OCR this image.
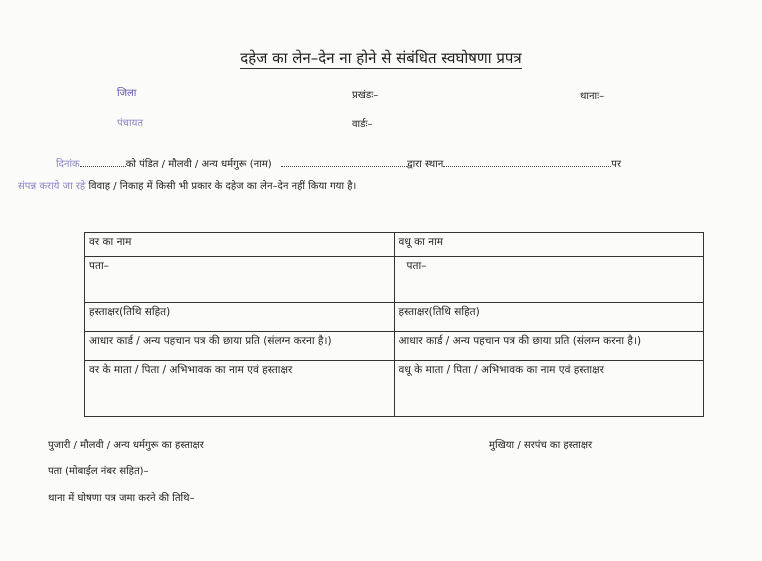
दहेज का लेन–देन ना होने से संबंधित स्वघोषणा प्रपत्र
जिला	प्रखंडः–	थानाः–
पंचायत	वार्डः–
दिनांक	को पंडित / मौलवी / अन्य धर्मगुरू (नाम)	द्वारा स्थान	पर
संपन्न कराये जा रहे विवाह / निकाह में किसी भी प्रकार के दहेज का लेन–देन नहीं किया गया है।
वर का नाम	वधू का नाम
पता–	पता–
हस्ताक्षर(तिथि सहित)	हस्ताक्षर(तिथि सहित)
आधार कार्ड / अन्य पहचान पत्र की छाया प्रति (संलग्न करना है।)	आधार कार्ड / अन्य पहचान पत्र की छाया प्रति (संलग्न करना है।)
वर के माता / पिता / अभिभावक का नाम एवं हस्ताक्षर	वधू के माता / पिता / अभिभावक का नाम एवं हस्ताक्षर
पुजारी / मौलवी / अन्य धर्मगुरू का हस्ताक्षर	मुखिया / सरपंच का हस्ताक्षर
पता (मोबाईल नंबर सहित)–
थाना में घोषणा पत्र जमा करने की तिथि–
